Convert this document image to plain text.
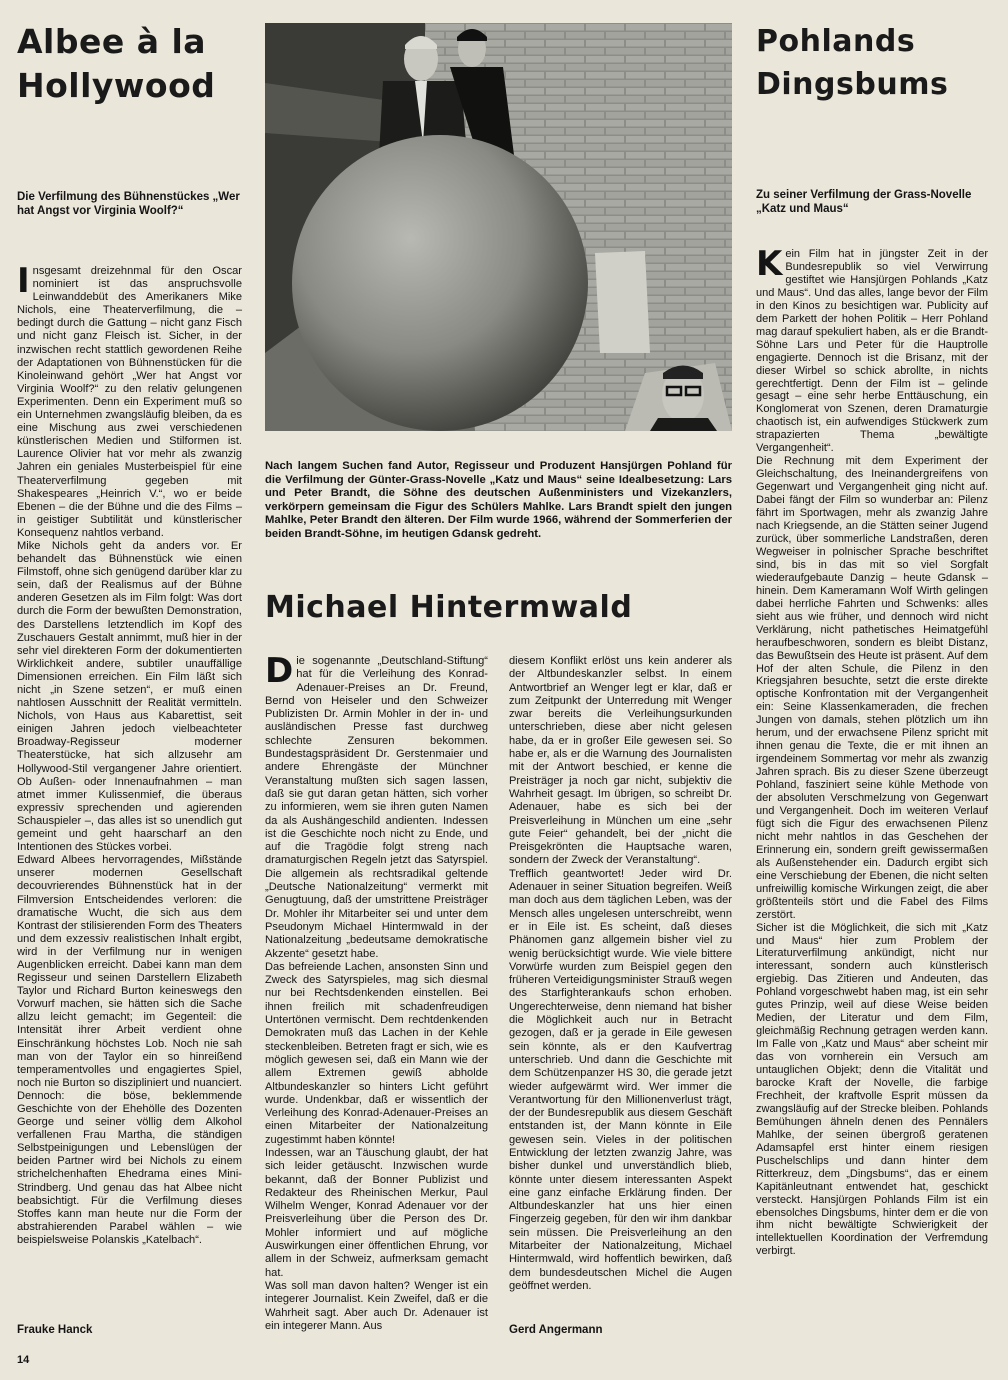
Albee à la
Hollywood

Die Verfilmung des Bühnenstückes „Wer hat Angst vor Virginia Woolf?“

Insgesamt dreizehnmal für den Oscar nominiert ist das anspruchsvolle Leinwanddebüt des Amerikaners Mike Nichols, eine Theaterverfilmung, die – bedingt durch die Gattung – nicht ganz Fisch und nicht ganz Fleisch ist. Sicher, in der inzwischen recht stattlich gewordenen Reihe der Adaptationen von Bühnenstücken für die Kinoleinwand gehört „Wer hat Angst vor Virginia Woolf?“ zu den relativ gelungenen Experimenten. Denn ein Experiment muß so ein Unternehmen zwangsläufig bleiben, da es eine Mischung aus zwei verschiedenen künstlerischen Medien und Stilformen ist. Laurence Olivier hat vor mehr als zwanzig Jahren ein geniales Musterbeispiel für eine Theaterverfilmung gegeben mit Shakespeares „Heinrich V.“, wo er beide Ebenen – die der Bühne und die des Films – in geistiger Subtilität und künstlerischer Konsequenz nahtlos verband.
Mike Nichols geht da anders vor. Er behandelt das Bühnenstück wie einen Filmstoff, ohne sich genügend darüber klar zu sein, daß der Realismus auf der Bühne anderen Gesetzen als im Film folgt: Was dort durch die Form der bewußten Demonstration, des Darstellens letztendlich im Kopf des Zuschauers Gestalt annimmt, muß hier in der sehr viel direkteren Form der dokumentierten Wirklichkeit andere, subtiler unauffällige Dimensionen erreichen. Ein Film läßt sich nicht „in Szene setzen“, er muß einen nahtlosen Ausschnitt der Realität vermitteln. Nichols, von Haus aus Kabarettist, seit einigen Jahren jedoch vielbeachteter Broadway-Regisseur moderner Theaterstücke, hat sich allzusehr am Hollywood-Stil vergangener Jahre orientiert. Ob Außen- oder Innenaufnahmen – man atmet immer Kulissenmief, die überaus expressiv sprechenden und agierenden Schauspieler –, das alles ist so unendlich gut gemeint und geht haarscharf an den Intentionen des Stückes vorbei.
Edward Albees hervorragendes, Mißstände unserer modernen Gesellschaft decouvrierendes Bühnenstück hat in der Filmversion Entscheidendes verloren: die dramatische Wucht, die sich aus dem Kontrast der stilisierenden Form des Theaters und dem exzessiv realistischen Inhalt ergibt, wird in der Verfilmung nur in wenigen Augenblicken erreicht. Dabei kann man dem Regisseur und seinen Darstellern Elizabeth Taylor und Richard Burton keineswegs den Vorwurf machen, sie hätten sich die Sache allzu leicht gemacht; im Gegenteil: die Intensität ihrer Arbeit verdient ohne Einschränkung höchstes Lob. Noch nie sah man von der Taylor ein so hinreißend temperamentvolles und engagiertes Spiel, noch nie Burton so diszipliniert und nuanciert. Dennoch: die böse, beklemmende Geschichte von der Ehehölle des Dozenten George und seiner völlig dem Alkohol verfallenen Frau Martha, die ständigen Selbstpeinigungen und Lebenslügen der beiden Partner wird bei Nichols zu einem strichelchenhaften Ehedrama eines Mini-Strindberg. Und genau das hat Albee nicht beabsichtigt. Für die Verfilmung dieses Stoffes kann man heute nur die Form der abstrahierenden Parabel wählen – wie beispielsweise Polanskis „Katelbach“.

Frauke Hanck

Nach langem Suchen fand Autor, Regisseur und Produzent Hansjürgen Pohland für die Verfilmung der Günter-Grass-Novelle „Katz und Maus“ seine Idealbesetzung: Lars und Peter Brandt, die Söhne des deutschen Außenministers und Vizekanzlers, verkörpern gemeinsam die Figur des Schülers Mahlke. Lars Brandt spielt den jungen Mahlke, Peter Brandt den älteren. Der Film wurde 1966, während der Sommerferien der beiden Brandt-Söhne, im heutigen Gdansk gedreht.

Michael Hintermwald

Die sogenannte „Deutschland-Stiftung“ hat für die Verleihung des Konrad-Adenauer-Preises an Dr. Freund, Bernd von Heiseler und den Schweizer Publizisten Dr. Armin Mohler in der in- und ausländischen Presse fast durchweg schlechte Zensuren bekommen. Bundestagspräsident Dr. Gerstenmaier und andere Ehrengäste der Münchner Veranstaltung mußten sich sagen lassen, daß sie gut daran getan hätten, sich vorher zu informieren, wem sie ihren guten Namen da als Aushängeschild andienten. Indessen ist die Geschichte noch nicht zu Ende, und auf die Tragödie folgt streng nach dramaturgischen Regeln jetzt das Satyrspiel. Die allgemein als rechtsradikal geltende „Deutsche Nationalzeitung“ vermerkt mit Genugtuung, daß der umstrittene Preisträger Dr. Mohler ihr Mitarbeiter sei und unter dem Pseudonym Michael Hintermwald in der Nationalzeitung „bedeutsame demokratische Akzente“ gesetzt habe.
Das befreiende Lachen, ansonsten Sinn und Zweck des Satyrspieles, mag sich diesmal nur bei Rechtsdenkenden einstellen. Bei ihnen freilich mit schadenfreudigen Untertönen vermischt. Dem rechtdenkenden Demokraten muß das Lachen in der Kehle steckenbleiben. Betreten fragt er sich, wie es möglich gewesen sei, daß ein Mann wie der allem Extremen gewiß abholde Altbundeskanzler so hinters Licht geführt wurde. Undenkbar, daß er wissentlich der Verleihung des Konrad-Adenauer-Preises an einen Mitarbeiter der Nationalzeitung zugestimmt haben könnte!
Indessen, war an Täuschung glaubt, der hat sich leider getäuscht. Inzwischen wurde bekannt, daß der Bonner Publizist und Redakteur des Rheinischen Merkur, Paul Wilhelm Wenger, Konrad Adenauer vor der Preisverleihung über die Person des Dr. Mohler informiert und auf mögliche Auswirkungen einer öffentlichen Ehrung, vor allem in der Schweiz, aufmerksam gemacht hat.
Was soll man davon halten? Wenger ist ein integerer Journalist. Kein Zweifel, daß er die Wahrheit sagt. Aber auch Dr. Adenauer ist ein integerer Mann. Aus

diesem Konflikt erlöst uns kein anderer als der Altbundeskanzler selbst. In einem Antwortbrief an Wenger legt er klar, daß er zum Zeitpunkt der Unterredung mit Wenger zwar bereits die Verleihungsurkunden unterschrieben, diese aber nicht gelesen habe, da er in großer Eile gewesen sei. So habe er, als er die Warnung des Journalisten mit der Antwort beschied, er kenne die Preisträger ja noch gar nicht, subjektiv die Wahrheit gesagt. Im übrigen, so schreibt Dr. Adenauer, habe es sich bei der Preisverleihung in München um eine „sehr gute Feier“ gehandelt, bei der „nicht die Preisgekrönten die Hauptsache waren, sondern der Zweck der Veranstaltung“.
Trefflich geantwortet! Jeder wird Dr. Adenauer in seiner Situation begreifen. Weiß man doch aus dem täglichen Leben, was der Mensch alles ungelesen unterschreibt, wenn er in Eile ist. Es scheint, daß dieses Phänomen ganz allgemein bisher viel zu wenig berücksichtigt wurde. Wie viele bittere Vorwürfe wurden zum Beispiel gegen den früheren Verteidigungsminister Strauß wegen des Starfighterankaufs schon erhoben. Ungerechterweise, denn niemand hat bisher die Möglichkeit auch nur in Betracht gezogen, daß er ja gerade in Eile gewesen sein könnte, als er den Kaufvertrag unterschrieb. Und dann die Geschichte mit dem Schützenpanzer HS 30, die gerade jetzt wieder aufgewärmt wird. Wer immer die Verantwortung für den Millionenverlust trägt, der der Bundesrepublik aus diesem Geschäft entstanden ist, der Mann könnte in Eile gewesen sein. Vieles in der politischen Entwicklung der letzten zwanzig Jahre, was bisher dunkel und unverständlich blieb, könnte unter diesem interessanten Aspekt eine ganz einfache Erklärung finden. Der Altbundeskanzler hat uns hier einen Fingerzeig gegeben, für den wir ihm dankbar sein müssen. Die Preisverleihung an den Mitarbeiter der Nationalzeitung, Michael Hintermwald, wird hoffentlich bewirken, daß dem bundesdeutschen Michel die Augen geöffnet werden.

Gerd Angermann
Pohlands
Dingsbums

Zu seiner Verfilmung der Grass-Novelle „Katz und Maus“

Kein Film hat in jüngster Zeit in der Bundesrepublik so viel Verwirrung gestiftet wie Hansjürgen Pohlands „Katz und Maus“. Und das alles, lange bevor der Film in den Kinos zu besichtigen war. Publicity auf dem Parkett der hohen Politik – Herr Pohland mag darauf spekuliert haben, als er die Brandt-Söhne Lars und Peter für die Hauptrolle engagierte. Dennoch ist die Brisanz, mit der dieser Wirbel so schick abrollte, in nichts gerechtfertigt. Denn der Film ist – gelinde gesagt – eine sehr herbe Enttäuschung, ein Konglomerat von Szenen, deren Dramaturgie chaotisch ist, ein aufwendiges Stückwerk zum strapazierten Thema „bewältigte Vergangenheit“.
Die Rechnung mit dem Experiment der Gleichschaltung, des Ineinandergreifens von Gegenwart und Vergangenheit ging nicht auf. Dabei fängt der Film so wunderbar an: Pilenz fährt im Sportwagen, mehr als zwanzig Jahre nach Kriegsende, an die Stätten seiner Jugend zurück, über sommerliche Landstraßen, deren Wegweiser in polnischer Sprache beschriftet sind, bis in das mit so viel Sorgfalt wiederaufgebaute Danzig – heute Gdansk – hinein. Dem Kameramann Wolf Wirth gelingen dabei herrliche Fahrten und Schwenks: alles sieht aus wie früher, und dennoch wird nicht Verklärung, nicht pathetisches Heimatgefühl heraufbeschworen, sondern es bleibt Distanz, das Bewußtsein des Heute ist präsent. Auf dem Hof der alten Schule, die Pilenz in den Kriegsjahren besuchte, setzt die erste direkte optische Konfrontation mit der Vergangenheit ein: Seine Klassenkameraden, die frechen Jungen von damals, stehen plötzlich um ihn herum, und der erwachsene Pilenz spricht mit ihnen genau die Texte, die er mit ihnen an irgendeinem Sommertag vor mehr als zwanzig Jahren sprach. Bis zu dieser Szene überzeugt Pohland, fasziniert seine kühle Methode von der absoluten Verschmelzung von Gegenwart und Vergangenheit. Doch im weiteren Verlauf fügt sich die Figur des erwachsenen Pilenz nicht mehr nahtlos in das Geschehen der Erinnerung ein, sondern greift gewissermaßen als Außenstehender ein. Dadurch ergibt sich eine Verschiebung der Ebenen, die nicht selten unfreiwillig komische Wirkungen zeigt, die aber größtenteils stört und die Fabel des Films zerstört.
Sicher ist die Möglichkeit, die sich mit „Katz und Maus“ hier zum Problem der Literaturverfilmung ankündigt, nicht nur interessant, sondern auch künstlerisch ergiebig. Das Zitieren und Andeuten, das Pohland vorgeschwebt haben mag, ist ein sehr gutes Prinzip, weil auf diese Weise beiden Medien, der Literatur und dem Film, gleichmäßig Rechnung getragen werden kann. Im Falle von „Katz und Maus“ aber scheint mir das von vornherein ein Versuch am untauglichen Objekt; denn die Vitalität und barocke Kraft der Novelle, die farbige Frechheit, der kraftvolle Esprit müssen da zwangsläufig auf der Strecke bleiben. Pohlands Bemühungen ähneln denen des Pennälers Mahlke, der seinen übergroß geratenen Adamsapfel erst hinter einem riesigen Puschelschlips und dann hinter dem Ritterkreuz, dem „Dingsbums“, das er einem Kapitänleutnant entwendet hat, geschickt versteckt. Hansjürgen Pohlands Film ist ein ebensolches Dingsbums, hinter dem er die von ihm nicht bewältigte Schwierigkeit der intellektuellen Koordination der Verfremdung verbirgt.

14
